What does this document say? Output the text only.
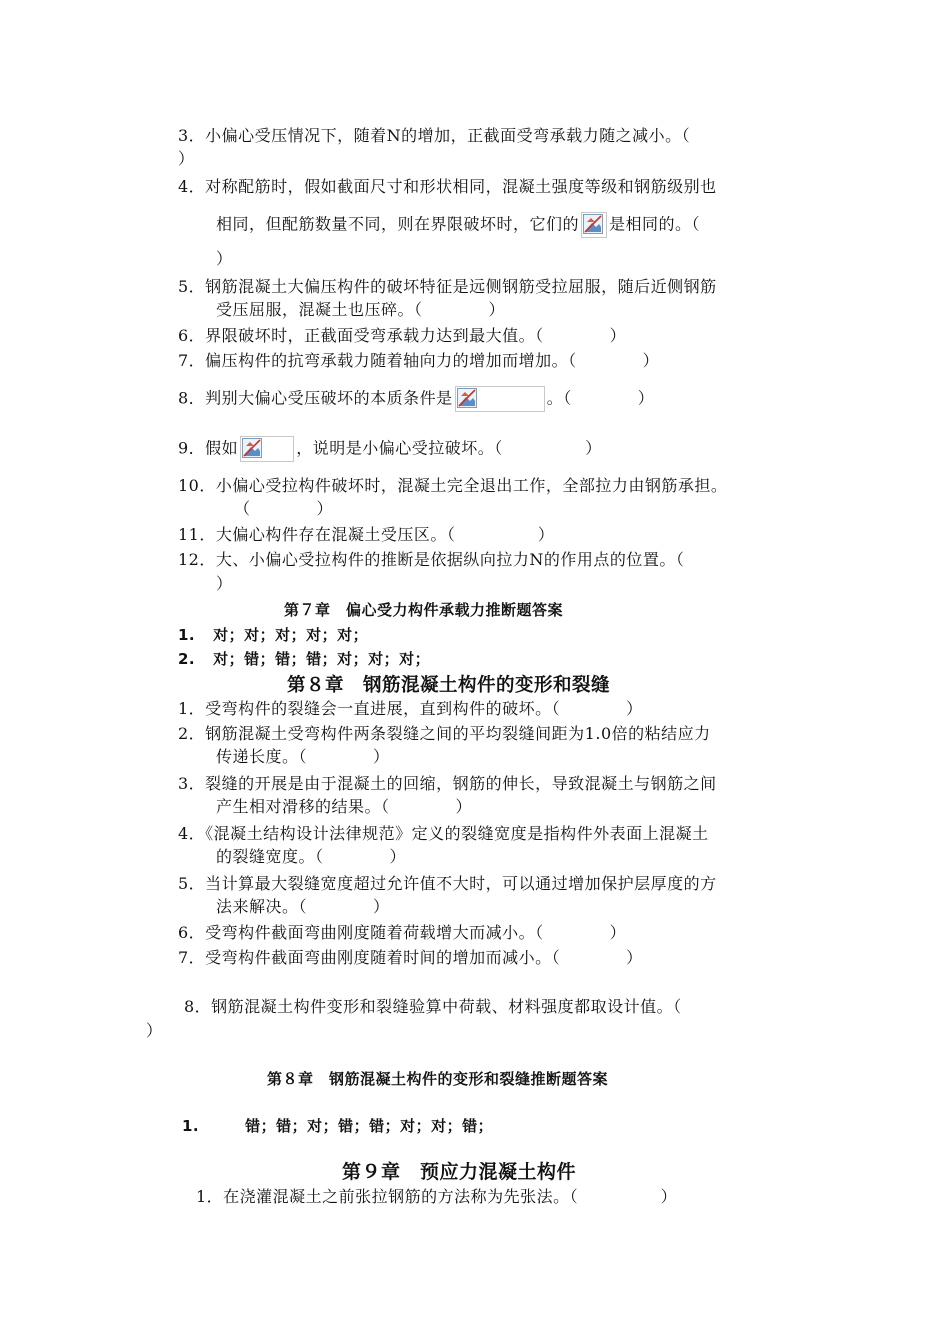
3．小偏心受压情况下，随着N的增加，正截面受弯承载力随之减小。（
）
4．对称配筋时，假如截面尺寸和形状相同，混凝土强度等级和钢筋级别也
相同，但配筋数量不同，则在界限破坏时，它们的 是相同的。（
）
5．钢筋混凝土大偏压构件的破坏特征是远侧钢筋受拉屈服，随后近侧钢筋
受压屈服，混凝土也压碎。（　　　　）
6．界限破坏时，正截面受弯承载力达到最大值。（　　　　）
7．偏压构件的抗弯承载力随着轴向力的增加而增加。（　　　　）
8．判别大偏心受压破坏的本质条件是	。（　　　　）
9．假如	，说明是小偏心受拉破坏。（　　　　　）
10．小偏心受拉构件破坏时，混凝土完全退出工作，全部拉力由钢筋承担。
（　　　　）
11．大偏心构件存在混凝土受压区。（　　　　　）
12．大、小偏心受拉构件的推断是依据纵向拉力N的作用点的位置。（
）
第７章　偏心受力构件承载力推断题答案
1. 对；对；对；对；对；
2. 对；错；错；错；对；对；对；
第８章　钢筋混凝土构件的变形和裂缝
1．受弯构件的裂缝会一直进展，直到构件的破坏。（　　　　）
2．钢筋混凝土受弯构件两条裂缝之间的平均裂缝间距为1.0倍的粘结应力
传递长度。（　　　　）
3．裂缝的开展是由于混凝土的回缩，钢筋的伸长，导致混凝土与钢筋之间
产生相对滑移的结果。（　　　　）
4．《混凝土结构设计法律规范》定义的裂缝宽度是指构件外表面上混凝土
的裂缝宽度。（　　　　）
5．当计算最大裂缝宽度超过允许值不大时，可以通过增加保护层厚度的方
法来解决。（　　　　）
6．受弯构件截面弯曲刚度随着荷载增大而减小。（　　　　）
7．受弯构件截面弯曲刚度随着时间的增加而减小。（　　　　）
8．钢筋混凝土构件变形和裂缝验算中荷载、材料强度都取设计值。（
）
第８章　钢筋混凝土构件的变形和裂缝推断题答案
1.	错；错；对；错；错；对；对；错；
第９章　预应力混凝土构件
1．在浇灌混凝土之前张拉钢筋的方法称为先张法。（　　　　　）
